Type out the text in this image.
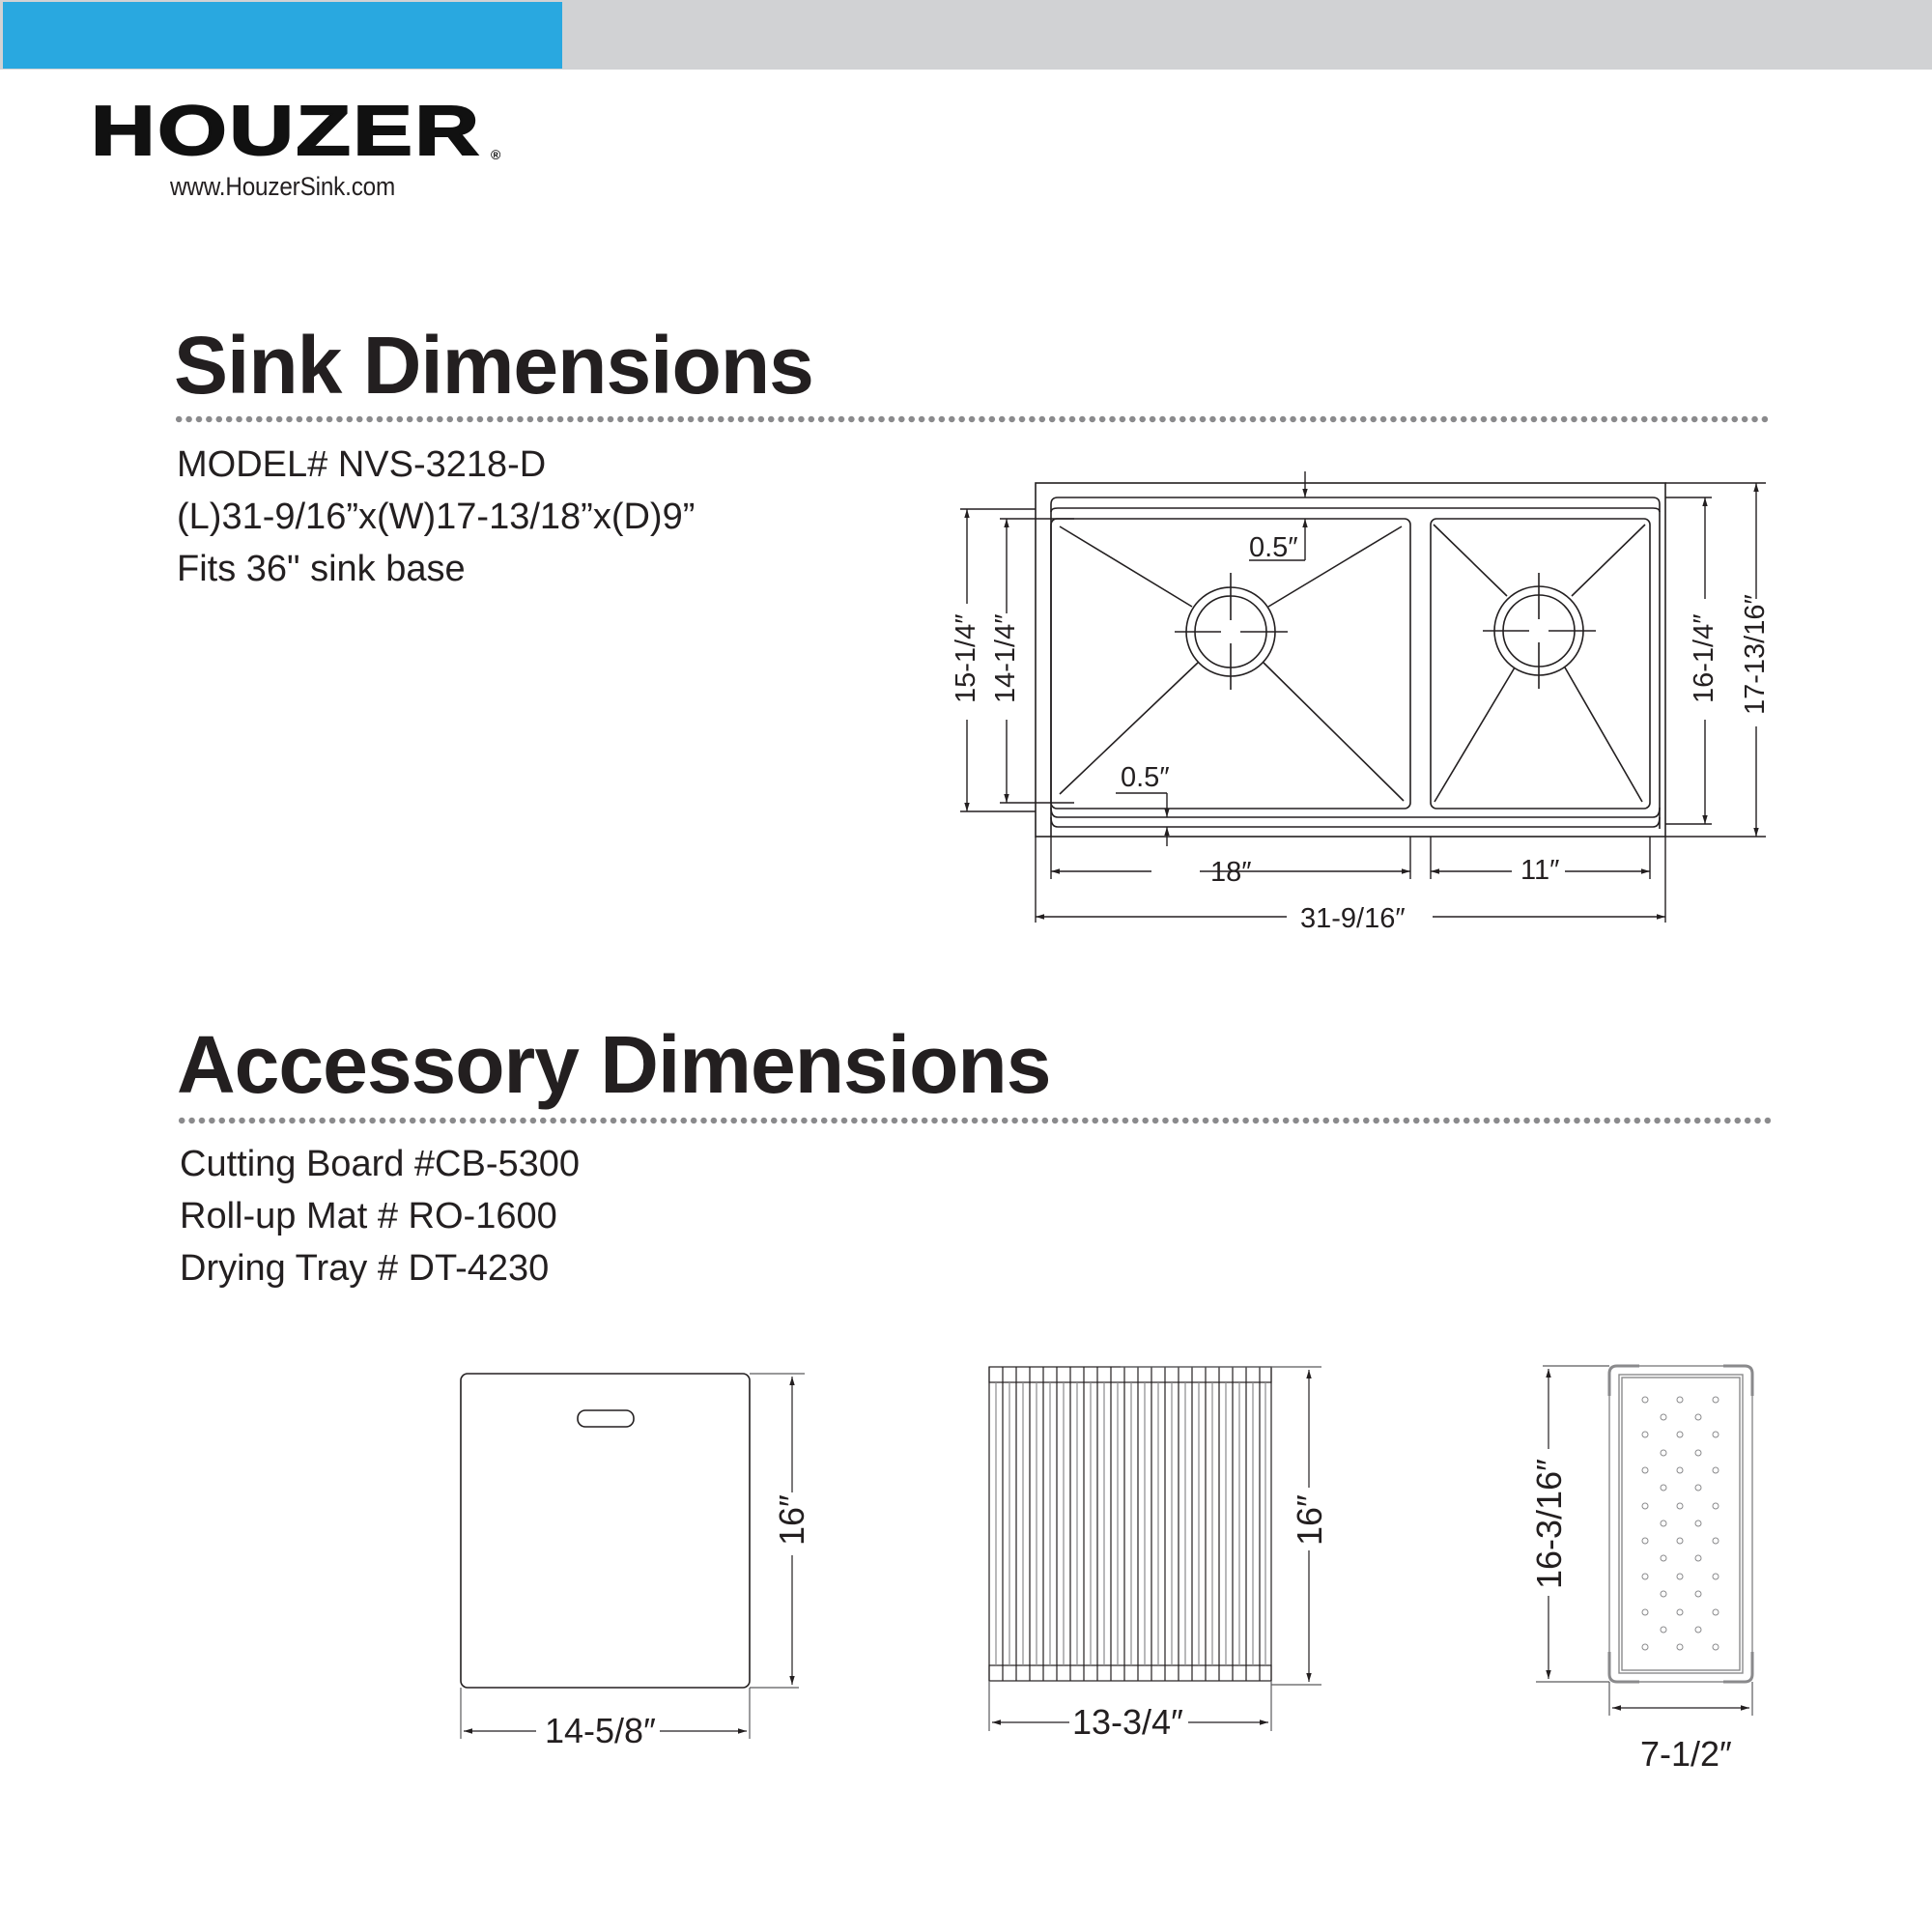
HOUZER ®
www.HouzerSink.com
Sink Dimensions
MODEL# NVS-3218-D
(L)31-9/16”x(W)17-13/18”x(D)9”
Fits 36" sink base
Accessory Dimensions
Cutting Board #CB-5300
Roll-up Mat # RO-1600
Drying Tray # DT-4230
0.5″
0.5″
18″	11″
31-9/16″
15-1/4″ 14-1/4″	16-1/4″ 17-13/16″
14-5/8″
16″
13-3/4″
16″
7-1/2″
16-3/16″
